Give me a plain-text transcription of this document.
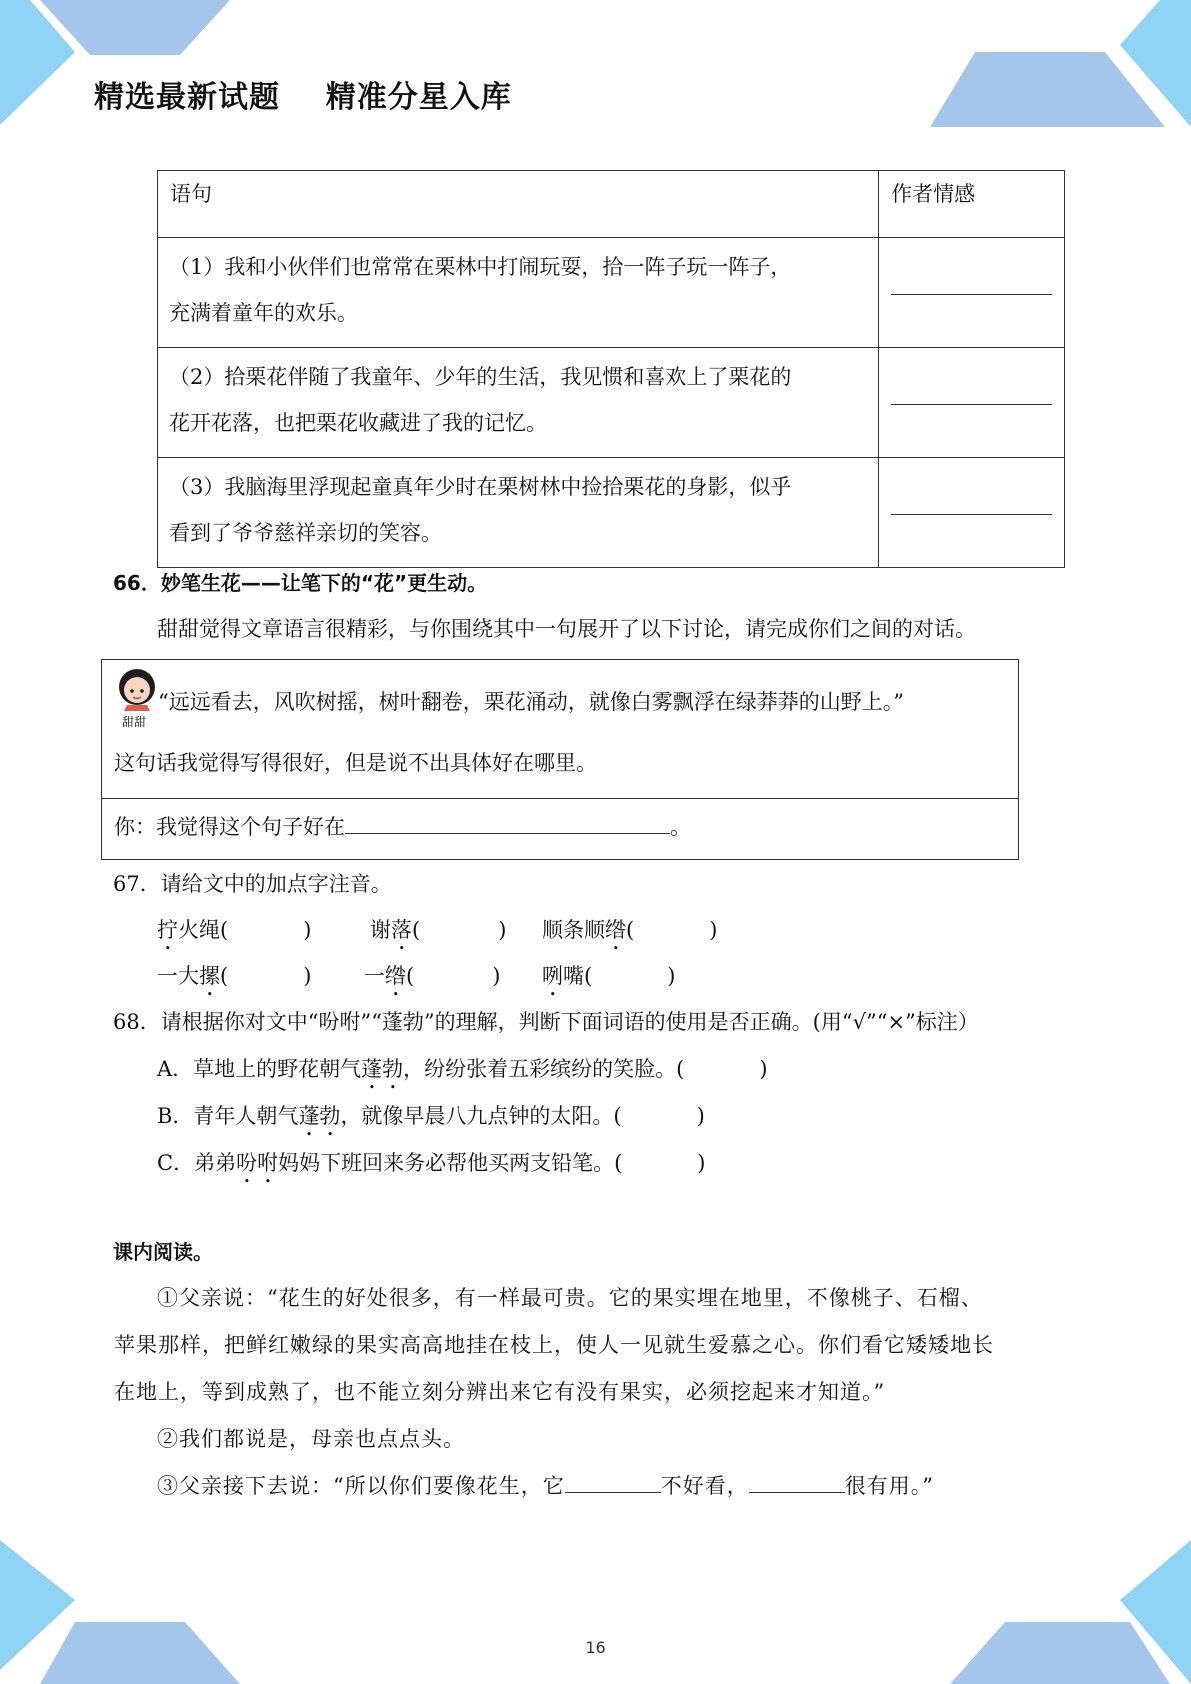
精选最新试题    精准分星入库
语句	作者情感

（1）我和小伙伴们也常常在栗林中打闹玩耍，拾一阵子玩一阵子，
充满着童年的欢乐。	

（2）拾栗花伴随了我童年、少年的生活，我见惯和喜欢上了栗花的
花开花落，也把栗花收藏进了我的记忆。	

（3）我脑海里浮现起童真年少时在栗树林中捡拾栗花的身影，似乎
看到了爷爷慈祥亲切的笑容。	

66．妙笔生花——让笔下的“花”更生动。
甜甜觉得文章语言很精彩，与你围绕其中一句展开了以下讨论，请完成你们之间的对话。
甜甜
“远远看去，风吹树摇，树叶翻卷，栗花涌动，就像白雾飘浮在绿莽莽的山野上。”
这句话我觉得写得很好，但是说不出具体好在哪里。
你：我觉得这个句子好在	。
67．请给文中的加点字注音。
拧火绳(	)	谢落(	) 顺条顺绺(	)
一大摞(	)	一绺(	) 咧嘴(	)
68．请根据你对文中“吩咐”“蓬勃”的理解，判断下面词语的使用是否正确。(用“√”“×”标注）
A．草地上的野花朝气蓬勃，纷纷张着五彩缤纷的笑脸。(	)
B．青年人朝气蓬勃，就像早晨八九点钟的太阳。(	)
C．弟弟吩咐妈妈下班回来务必帮他买两支铅笔。(	)
课内阅读。
①父亲说：“花生的好处很多，有一样最可贵。它的果实埋在地里，不像桃子、石榴、
苹果那样，把鲜红嫩绿的果实高高地挂在枝上，使人一见就生爱慕之心。你们看它矮矮地长
在地上，等到成熟了，也不能立刻分辨出来它有没有果实，必须挖起来才知道。”
②我们都说是，母亲也点点头。
③父亲接下去说：“所以你们要像花生，它	不好看，	很有用。”
16
